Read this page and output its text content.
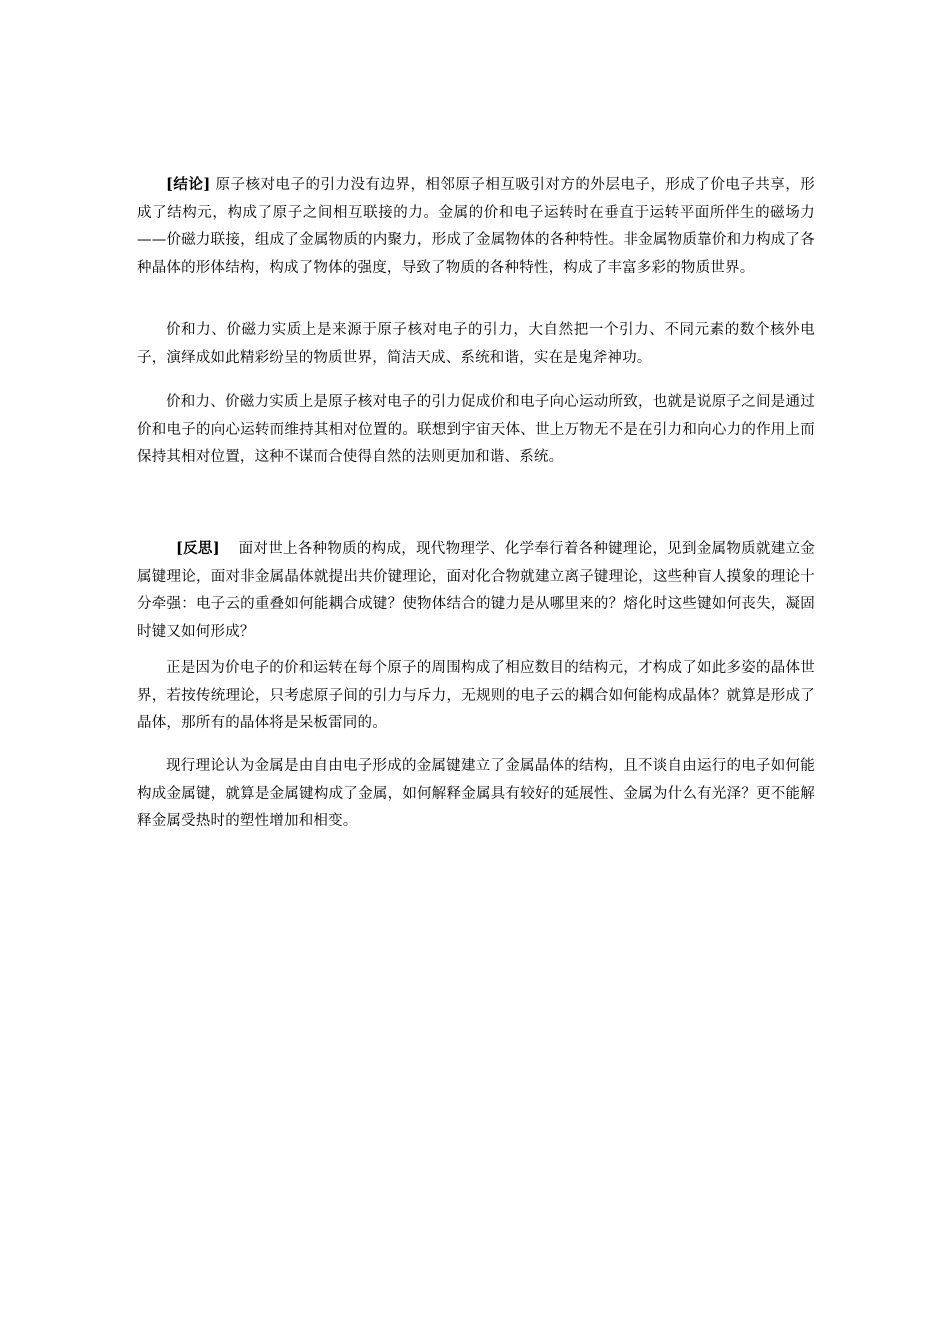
[结论] 原子核对电子的引力没有边界，相邻原子相互吸引对方的外层电子，形成了价电子共享，形成了结构元，构成了原子之间相互联接的力。金属的价和电子运转时在垂直于运转平面所伴生的磁场力——价磁力联接，组成了金属物质的内聚力，形成了金属物体的各种特性。非金属物质靠价和力构成了各种晶体的形体结构，构成了物体的强度，导致了物质的各种特性，构成了丰富多彩的物质世界。

价和力、价磁力实质上是来源于原子核对电子的引力，大自然把一个引力、不同元素的数个核外电子，演绎成如此精彩纷呈的物质世界，简洁天成、系统和谐，实在是鬼斧神功。

价和力、价磁力实质上是原子核对电子的引力促成价和电子向心运动所致，也就是说原子之间是通过价和电子的向心运转而维持其相对位置的。联想到宇宙天体、世上万物无不是在引力和向心力的作用上而保持其相对位置，这种不谋而合使得自然的法则更加和谐、系统。

[反思] 面对世上各种物质的构成，现代物理学、化学奉行着各种键理论，见到金属物质就建立金属键理论，面对非金属晶体就提出共价键理论，面对化合物就建立离子键理论，这些种盲人摸象的理论十分牵强：电子云的重叠如何能耦合成键？使物体结合的键力是从哪里来的？熔化时这些键如何丧失，凝固时键又如何形成？

正是因为价电子的价和运转在每个原子的周围构成了相应数目的结构元，才构成了如此多姿的晶体世界，若按传统理论，只考虑原子间的引力与斥力，无规则的电子云的耦合如何能构成晶体？就算是形成了晶体，那所有的晶体将是呆板雷同的。

现行理论认为金属是由自由电子形成的金属键建立了金属晶体的结构，且不谈自由运行的电子如何能构成金属键，就算是金属键构成了金属，如何解释金属具有较好的延展性、金属为什么有光泽？更不能解释金属受热时的塑性增加和相变。
